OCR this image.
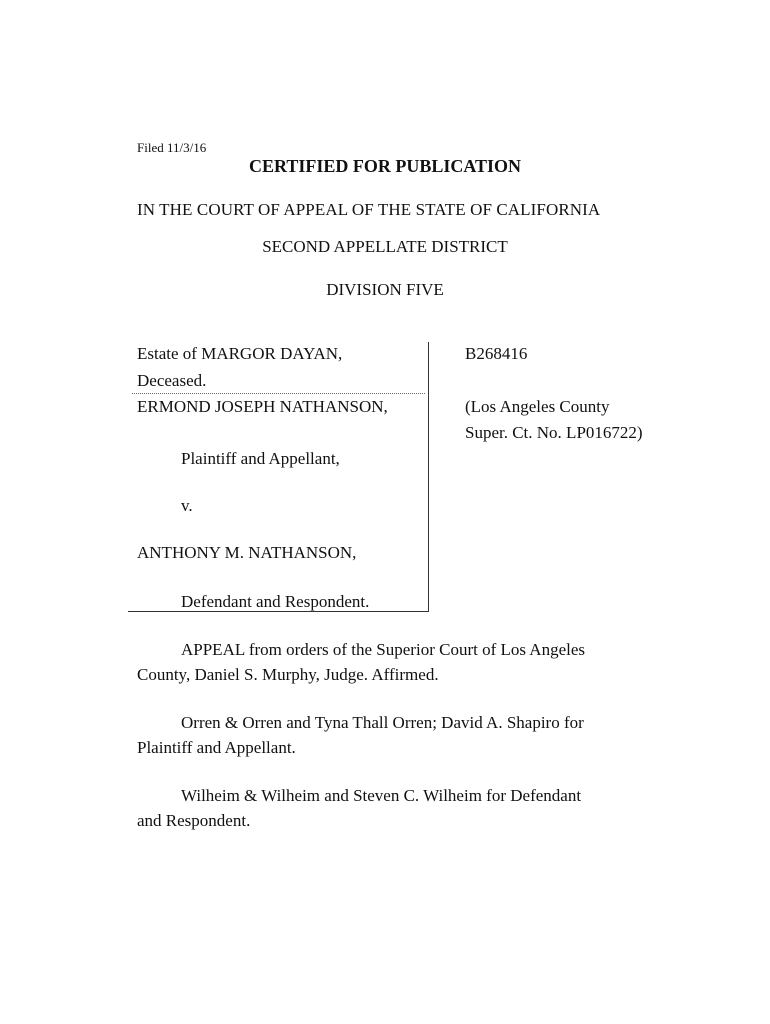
Filed 11/3/16
CERTIFIED FOR PUBLICATION
IN THE COURT OF APPEAL OF THE STATE OF CALIFORNIA
SECOND APPELLATE DISTRICT
DIVISION FIVE
Estate of MARGOR DAYAN,
Deceased.
ERMOND JOSEPH NATHANSON,
Plaintiff and Appellant,
v.
ANTHONY M. NATHANSON,
Defendant and Respondent.
B268416
(Los Angeles County
Super. Ct. No. LP016722)
APPEAL from orders of the Superior Court of Los Angeles
County, Daniel S. Murphy, Judge. Affirmed.
Orren & Orren and Tyna Thall Orren; David A. Shapiro for
Plaintiff and Appellant.
Wilheim & Wilheim and Steven C. Wilheim for Defendant
and Respondent.
